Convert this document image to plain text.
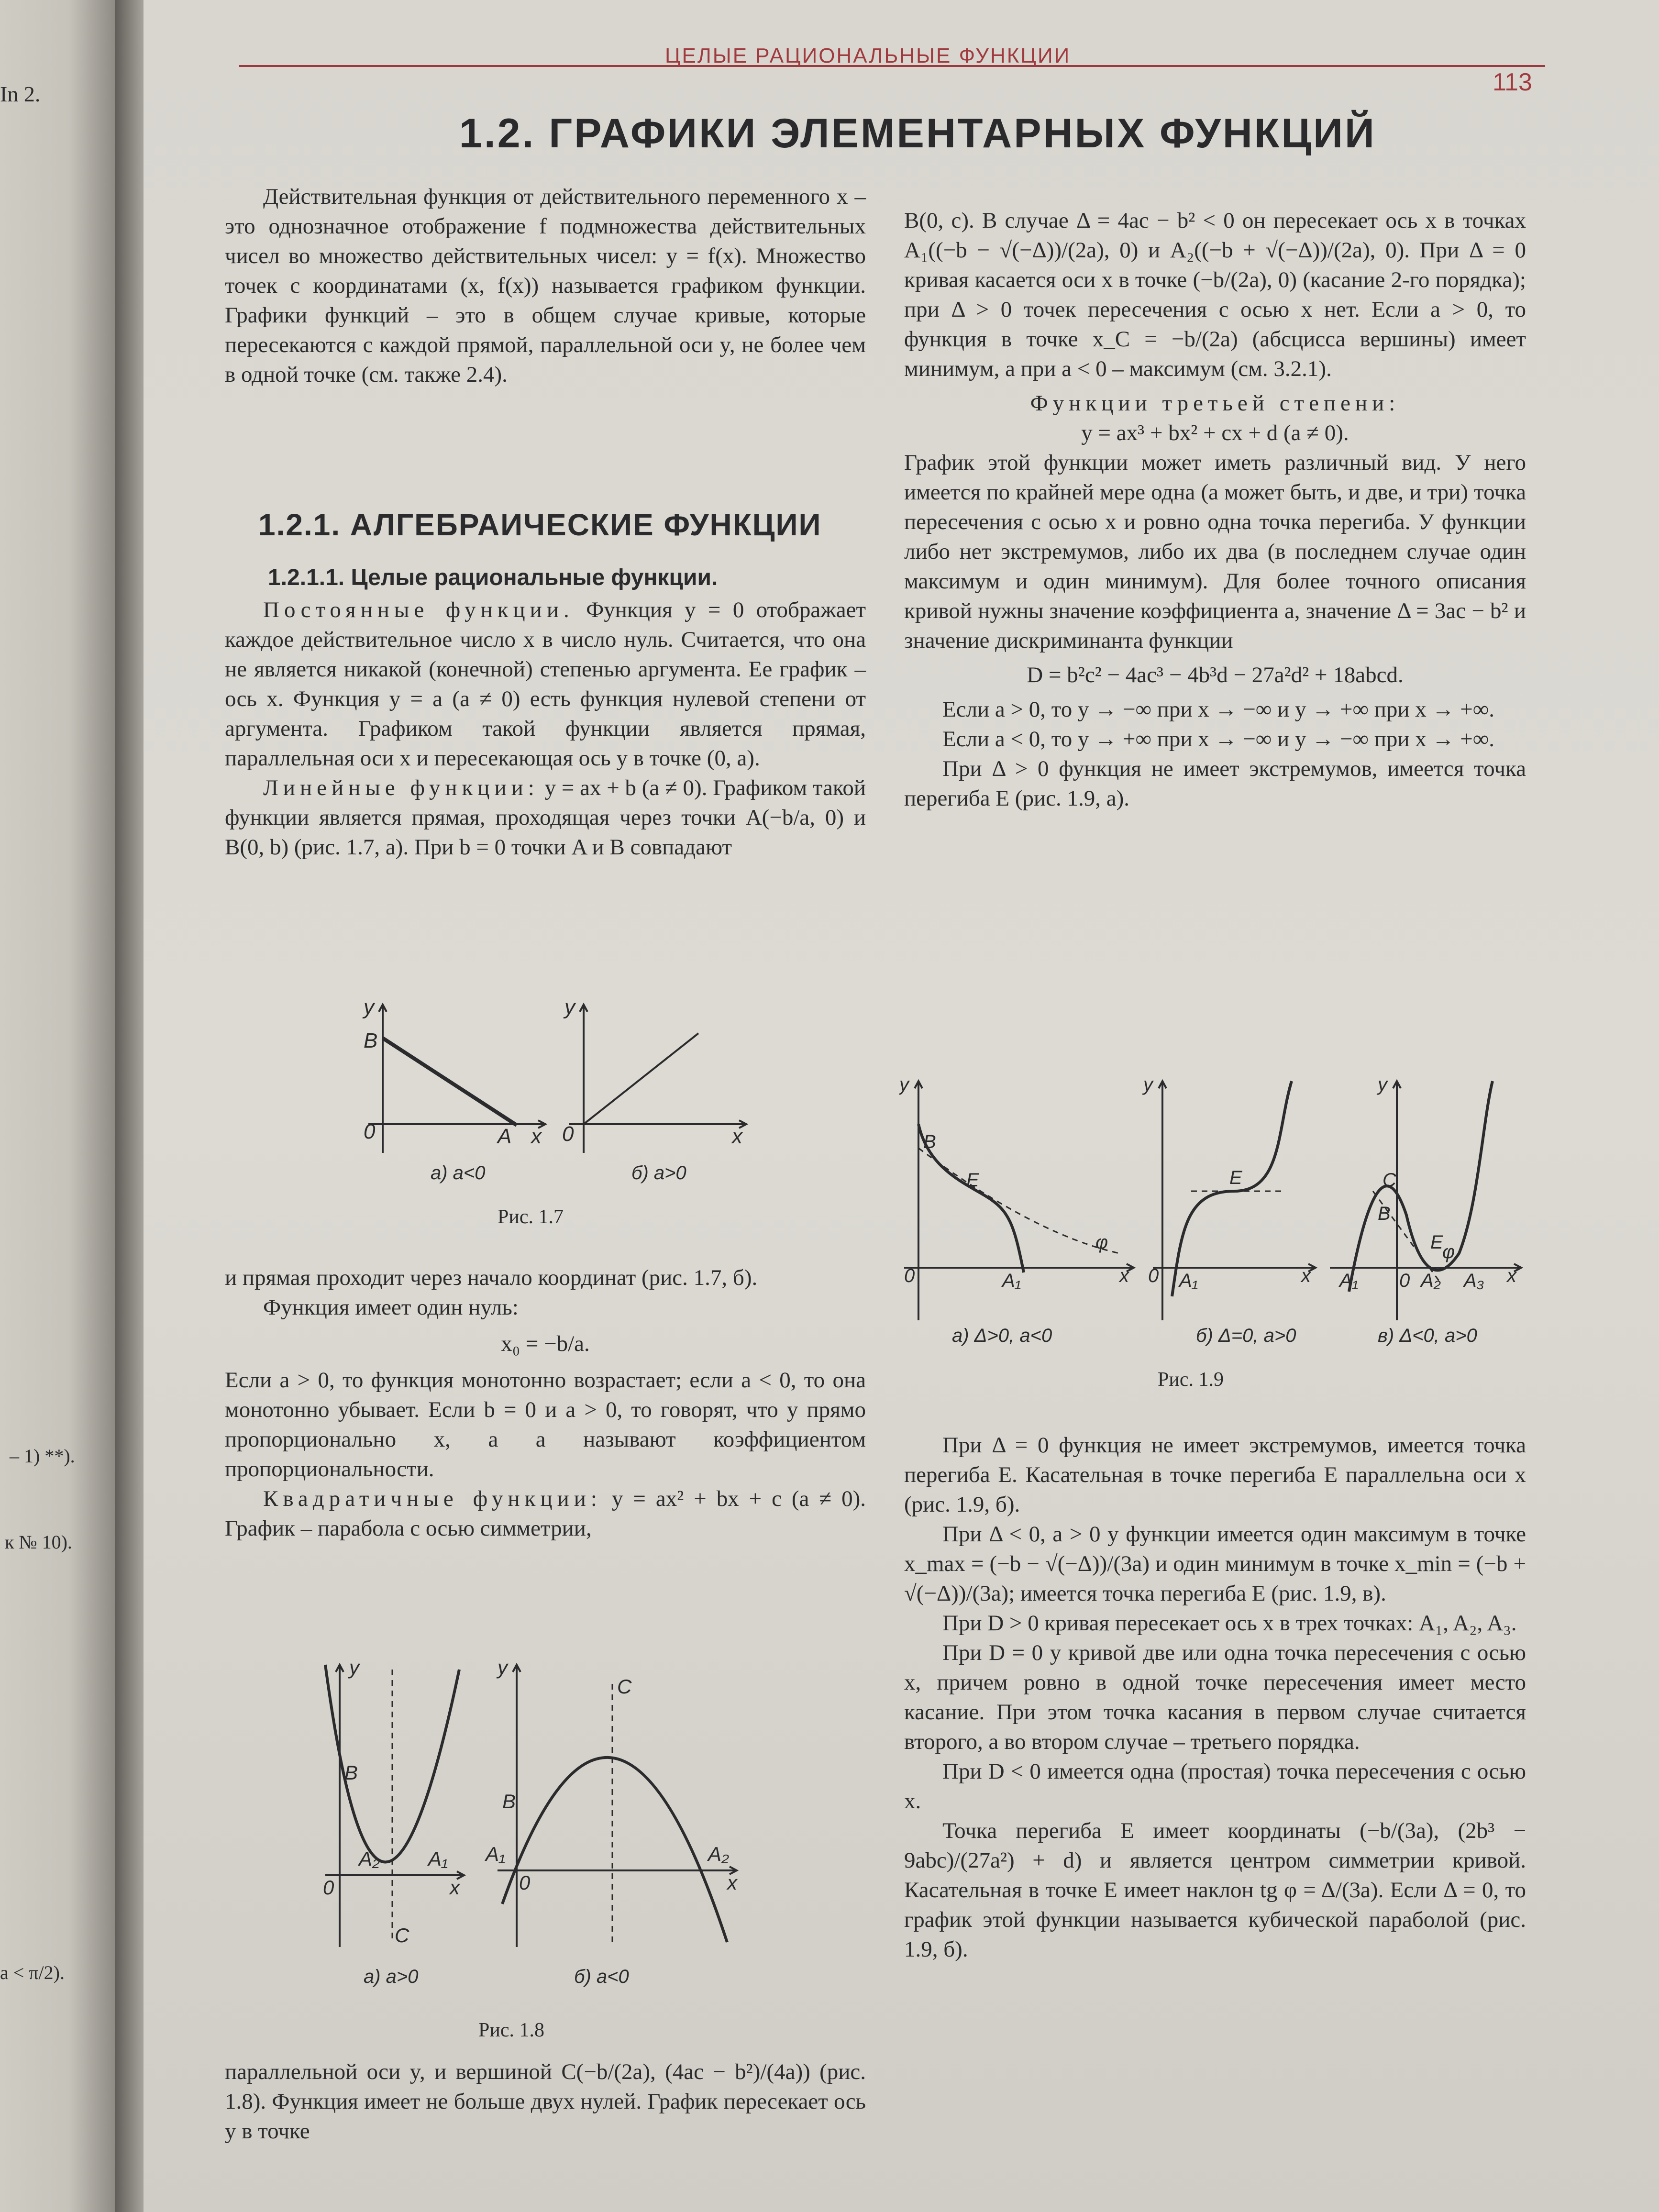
In 2.
– 1) **).
к № 10).
a < π/2).
ЦЕЛЫЕ РАЦИОНАЛЬНЫЕ ФУНКЦИИ
113
1.2. ГРАФИКИ ЭЛЕМЕНТАРНЫХ ФУНКЦИЙ

Действительная функция от действительного переменного x – это однозначное отображение f подмножества действительных чисел во множество действительных чисел: y = f(x). Множество точек с координатами (x, f(x)) называется графиком функции. Графики функций – это в общем случае кривые, которые пересекаются с каждой прямой, параллельной оси y, не более чем в одной точке (см. также 2.4).

1.2.1. АЛГЕБРАИЧЕСКИЕ ФУНКЦИИ
1.2.1.1. Целые рациональные функции.

Постоянные функции. Функция y = 0 отображает каждое действительное число x в число нуль. Считается, что она не является никакой (конечной) степенью аргумента. Ее график – ось x. Функция y = a (a ≠ 0) есть функция нулевой степени от аргумента. Графиком такой функции является прямая, параллельная оси x и пересекающая ось y в точке (0, a).

Линейные функции: y = ax + b (a ≠ 0). Графиком такой функции является прямая, проходящая через точки A(−b/a, 0) и B(0, b) (рис. 1.7, a). При b = 0 точки A и B совпадают

y
B
0	A x
y
0	x
а) a<0	б) a>0
Рис. 1.7

и прямая проходит через начало координат (рис. 1.7, б).

Функция имеет один нуль:

x₀ = −b/a.

Если a > 0, то функция монотонно возрастает; если a < 0, то она монотонно убывает. Если b = 0 и a > 0, то говорят, что y прямо пропорционально x, а a называют коэффициентом пропорциональности.

Квадратичные функции: y = ax² + bx + c (a ≠ 0). График – парабола с осью симметрии,

y
B
A₂ A₁
0	x
C
y
B
C
A₁	A₂
0	x
а) a>0	б) a<0
Рис. 1.8

параллельной оси y, и вершиной C(−b/(2a), (4ac − b²)/(4a)) (рис. 1.8). Функция имеет не больше двух нулей. График пересекает ось y в точке

B(0, c). В случае Δ = 4ac − b² < 0 он пересекает ось x в точках A₁((−b − √(−Δ))/(2a), 0) и A₂((−b + √(−Δ))/(2a), 0). При Δ = 0 кривая касается оси x в точке (−b/(2a), 0) (касание 2-го порядка); при Δ > 0 точек пересечения с осью x нет. Если a > 0, то функция в точке x_C = −b/(2a) (абсцисса вершины) имеет минимум, а при a < 0 – максимум (см. 3.2.1).

Функции третьей степени:

y = ax³ + bx² + cx + d (a ≠ 0).

График этой функции может иметь различный вид. У него имеется по крайней мере одна (а может быть, и две, и три) точка пересечения с осью x и ровно одна точка перегиба. У функции либо нет экстремумов, либо их два (в последнем случае один максимум и один минимум). Для более точного описания кривой нужны значение коэффициента a, значение Δ = 3ac − b² и значение дискриминанта функции

D = b²c² − 4ac³ − 4b³d − 27a²d² + 18abcd.

Если a > 0, то y → −∞ при x → −∞ и y → +∞ при x → +∞.

Если a < 0, то y → +∞ при x → −∞ и y → −∞ при x → +∞.

При Δ > 0 функция не имеет экстремумов, имеется точка перегиба E (рис. 1.9, a).

y
B
E
0	A₁
φ
x
y
E
0 A₁	x
y
C
B
E
φ
A₁ 0 A₂ A₃ x
а) Δ>0, a<0	б) Δ=0, a>0	в) Δ<0, a>0
Рис. 1.9

При Δ = 0 функция не имеет экстремумов, имеется точка перегиба E. Касательная в точке перегиба E параллельна оси x (рис. 1.9, б).

При Δ < 0, a > 0 у функции имеется один максимум в точке x_max = (−b − √(−Δ))/(3a) и один минимум в точке x_min = (−b + √(−Δ))/(3a); имеется точка перегиба E (рис. 1.9, в).

При D > 0 кривая пересекает ось x в трех точках: A₁, A₂, A₃.

При D = 0 у кривой две или одна точка пересечения с осью x, причем ровно в одной точке пересечения имеет место касание. При этом точка касания в первом случае считается второго, а во втором случае – третьего порядка.

При D < 0 имеется одна (простая) точка пересечения с осью x.

Точка перегиба E имеет координаты (−b/(3a), (2b³ − 9abc)/(27a²) + d) и является центром симметрии кривой. Касательная в точке E имеет наклон tg φ = Δ/(3a). Если Δ = 0, то график этой функции называется кубической параболой (рис. 1.9, б).
